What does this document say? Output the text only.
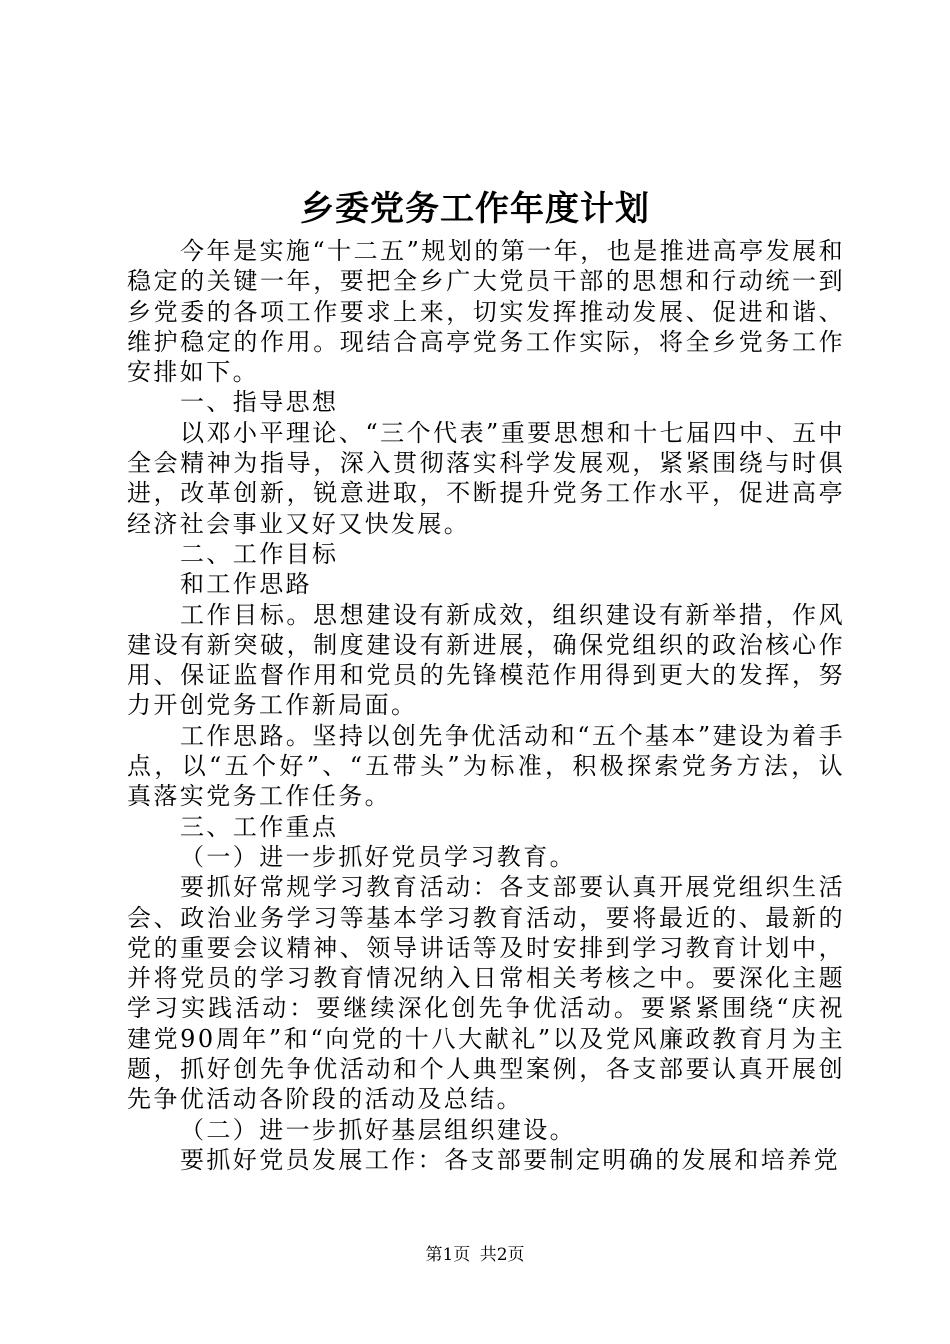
乡委党务工作年度计划

今年是实施“十二五”规划的第一年，也是推进高亭发展和稳定的关键一年，要把全乡广大党员干部的思想和行动统一到乡党委的各项工作要求上来，切实发挥推动发展、促进和谐、维护稳定的作用。现结合高亭党务工作实际，将全乡党务工作安排如下。

一、指导思想

以邓小平理论、“三个代表”重要思想和十七届四中、五中全会精神为指导，深入贯彻落实科学发展观，紧紧围绕与时俱进，改革创新，锐意进取，不断提升党务工作水平，促进高亭经济社会事业又好又快发展。

二、工作目标

和工作思路

工作目标。思想建设有新成效，组织建设有新举措，作风建设有新突破，制度建设有新进展，确保党组织的政治核心作用、保证监督作用和党员的先锋模范作用得到更大的发挥，努力开创党务工作新局面。

工作思路。坚持以创先争优活动和“五个基本”建设为着手点，以“五个好”、“五带头”为标准，积极探索党务方法，认真落实党务工作任务。

三、工作重点

（一）进一步抓好党员学习教育。

要抓好常规学习教育活动：各支部要认真开展党组织生活会、政治业务学习等基本学习教育活动，要将最近的、最新的党的重要会议精神、领导讲话等及时安排到学习教育计划中，并将党员的学习教育情况纳入日常相关考核之中。要深化主题学习实践活动：要继续深化创先争优活动。要紧紧围绕“庆祝建党90周年”和“向党的十八大献礼”以及党风廉政教育月为主题，抓好创先争优活动和个人典型案例，各支部要认真开展创先争优活动各阶段的活动及总结。

（二）进一步抓好基层组织建设。

要抓好党员发展工作：各支部要制定明确的发展和培养党

第1页 共2页
